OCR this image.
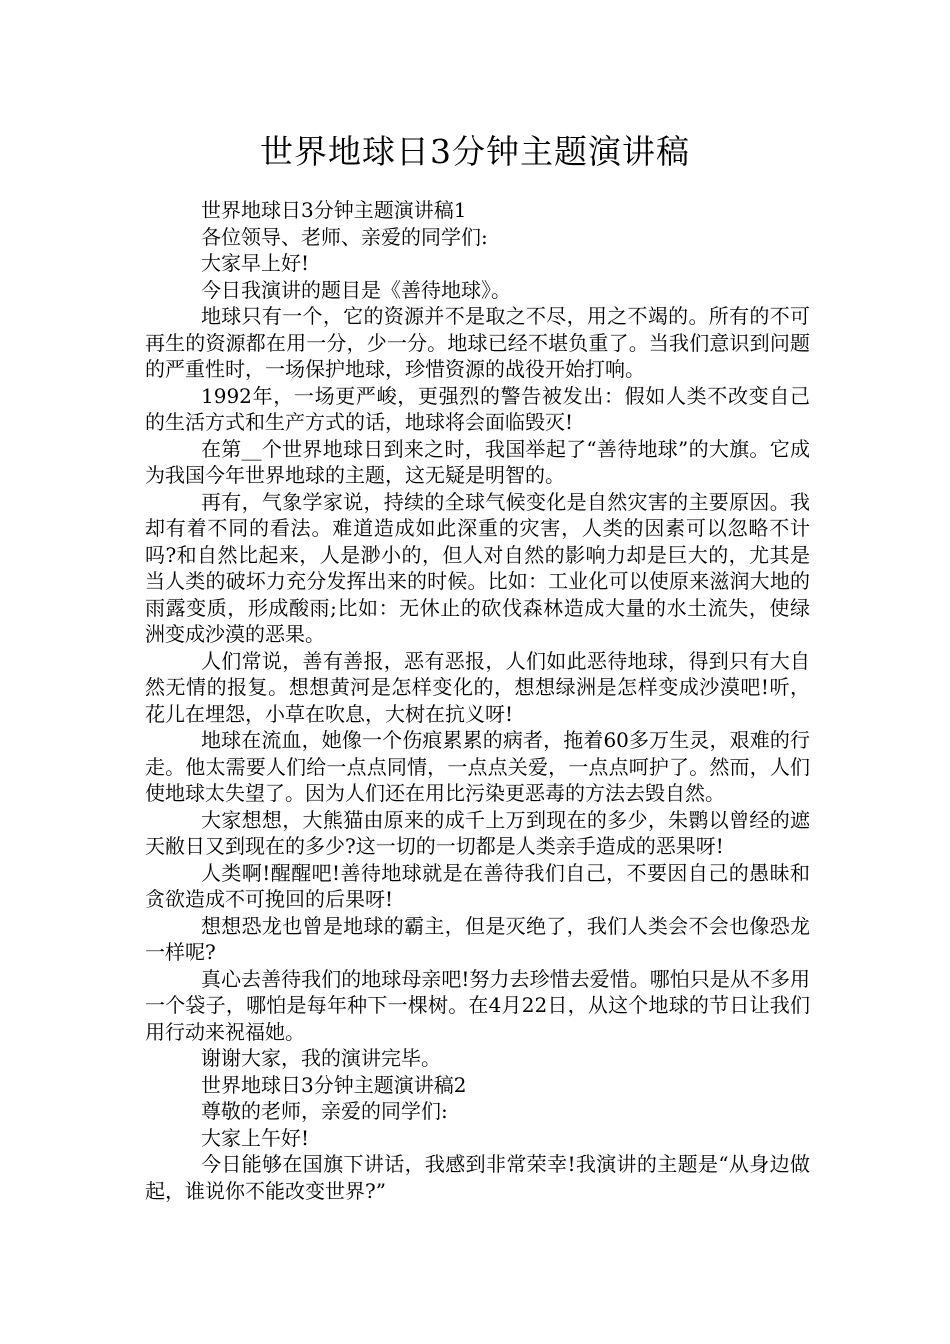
世界地球日3分钟主题演讲稿

世界地球日3分钟主题演讲稿1

各位领导、老师、亲爱的同学们:

大家早上好!

今日我演讲的题目是《善待地球》。

地球只有一个，它的资源并不是取之不尽，用之不竭的。所有的不可再生的资源都在用一分，少一分。地球已经不堪负重了。当我们意识到问题的严重性时，一场保护地球，珍惜资源的战役开始打响。

1992年，一场更严峻，更强烈的警告被发出：假如人类不改变自己的生活方式和生产方式的话，地球将会面临毁灭!

在第__个世界地球日到来之时，我国举起了“善待地球”的大旗。它成为我国今年世界地球的主题，这无疑是明智的。

再有，气象学家说，持续的全球气候变化是自然灾害的主要原因。我却有着不同的看法。难道造成如此深重的灾害，人类的因素可以忽略不计吗?和自然比起来，人是渺小的，但人对自然的影响力却是巨大的，尤其是当人类的破坏力充分发挥出来的时候。比如：工业化可以使原来滋润大地的雨露变质，形成酸雨;比如：无休止的砍伐森林造成大量的水土流失，使绿洲变成沙漠的恶果。

人们常说，善有善报，恶有恶报，人们如此恶待地球，得到只有大自然无情的报复。想想黄河是怎样变化的，想想绿洲是怎样变成沙漠吧!听，花儿在埋怨，小草在吹息，大树在抗义呀!

地球在流血，她像一个伤痕累累的病者，拖着60多万生灵，艰难的行走。他太需要人们给一点点同情，一点点关爱，一点点呵护了。然而，人们使地球太失望了。因为人们还在用比污染更恶毒的方法去毁自然。

大家想想，大熊猫由原来的成千上万到现在的多少，朱鹮以曾经的遮天敝日又到现在的多少?这一切的一切都是人类亲手造成的恶果呀!

人类啊!醒醒吧!善待地球就是在善待我们自己，不要因自己的愚昧和贪欲造成不可挽回的后果呀!

想想恐龙也曾是地球的霸主，但是灭绝了，我们人类会不会也像恐龙一样呢?

真心去善待我们的地球母亲吧!努力去珍惜去爱惜。哪怕只是从不多用一个袋子，哪怕是每年种下一棵树。在4月22日，从这个地球的节日让我们用行动来祝福她。

谢谢大家，我的演讲完毕。

世界地球日3分钟主题演讲稿2

尊敬的老师，亲爱的同学们:

大家上午好!

今日能够在国旗下讲话，我感到非常荣幸!我演讲的主题是“从身边做起，谁说你不能改变世界?”
